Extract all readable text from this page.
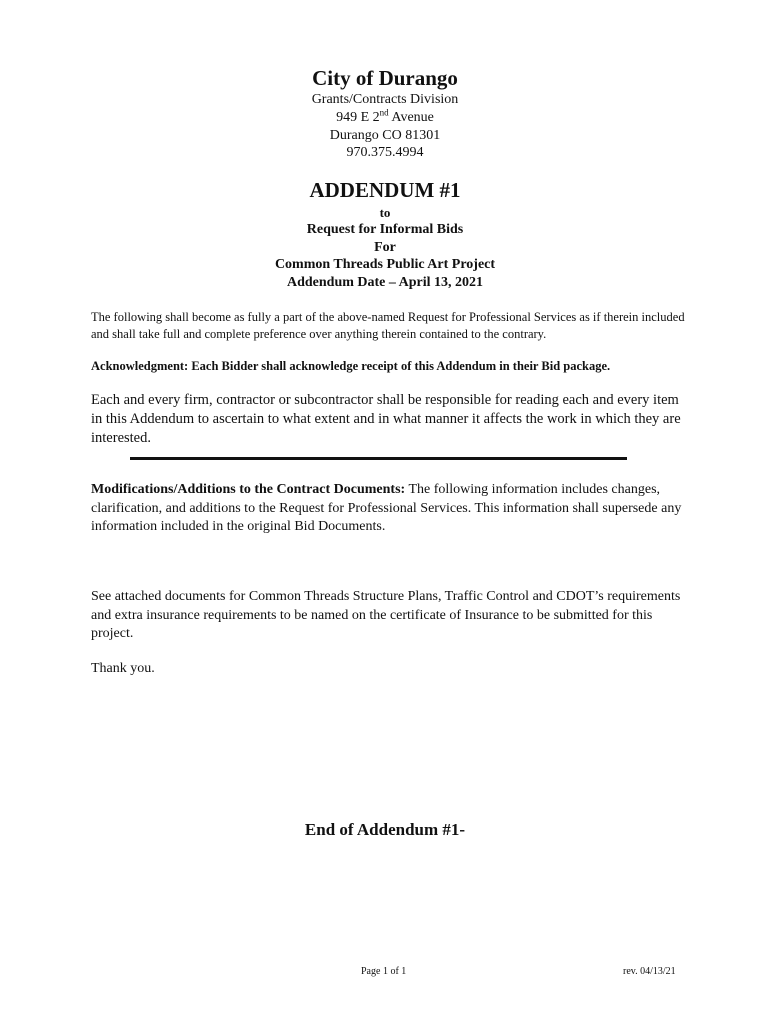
City of Durango
Grants/Contracts Division
949 E 2nd Avenue
Durango CO 81301
970.375.4994
ADDENDUM #1
to
Request for Informal Bids
For
Common Threads Public Art Project
Addendum Date – April 13, 2021
The following shall become as fully a part of the above-named Request for Professional Services as if therein included and shall take full and complete preference over anything therein contained to the contrary.
Acknowledgment: Each Bidder shall acknowledge receipt of this Addendum in their Bid package.
Each and every firm, contractor or subcontractor shall be responsible for reading each and every item in this Addendum to ascertain to what extent and in what manner it affects the work in which they are interested.
Modifications/Additions to the Contract Documents: The following information includes changes, clarification, and additions to the Request for Professional Services. This information shall supersede any information included in the original Bid Documents.
See attached documents for Common Threads Structure Plans, Traffic Control and CDOT’s requirements and extra insurance requirements to be named on the certificate of Insurance to be submitted for this project.
Thank you.
End of Addendum #1-
Page 1 of 1	rev. 04/13/21
